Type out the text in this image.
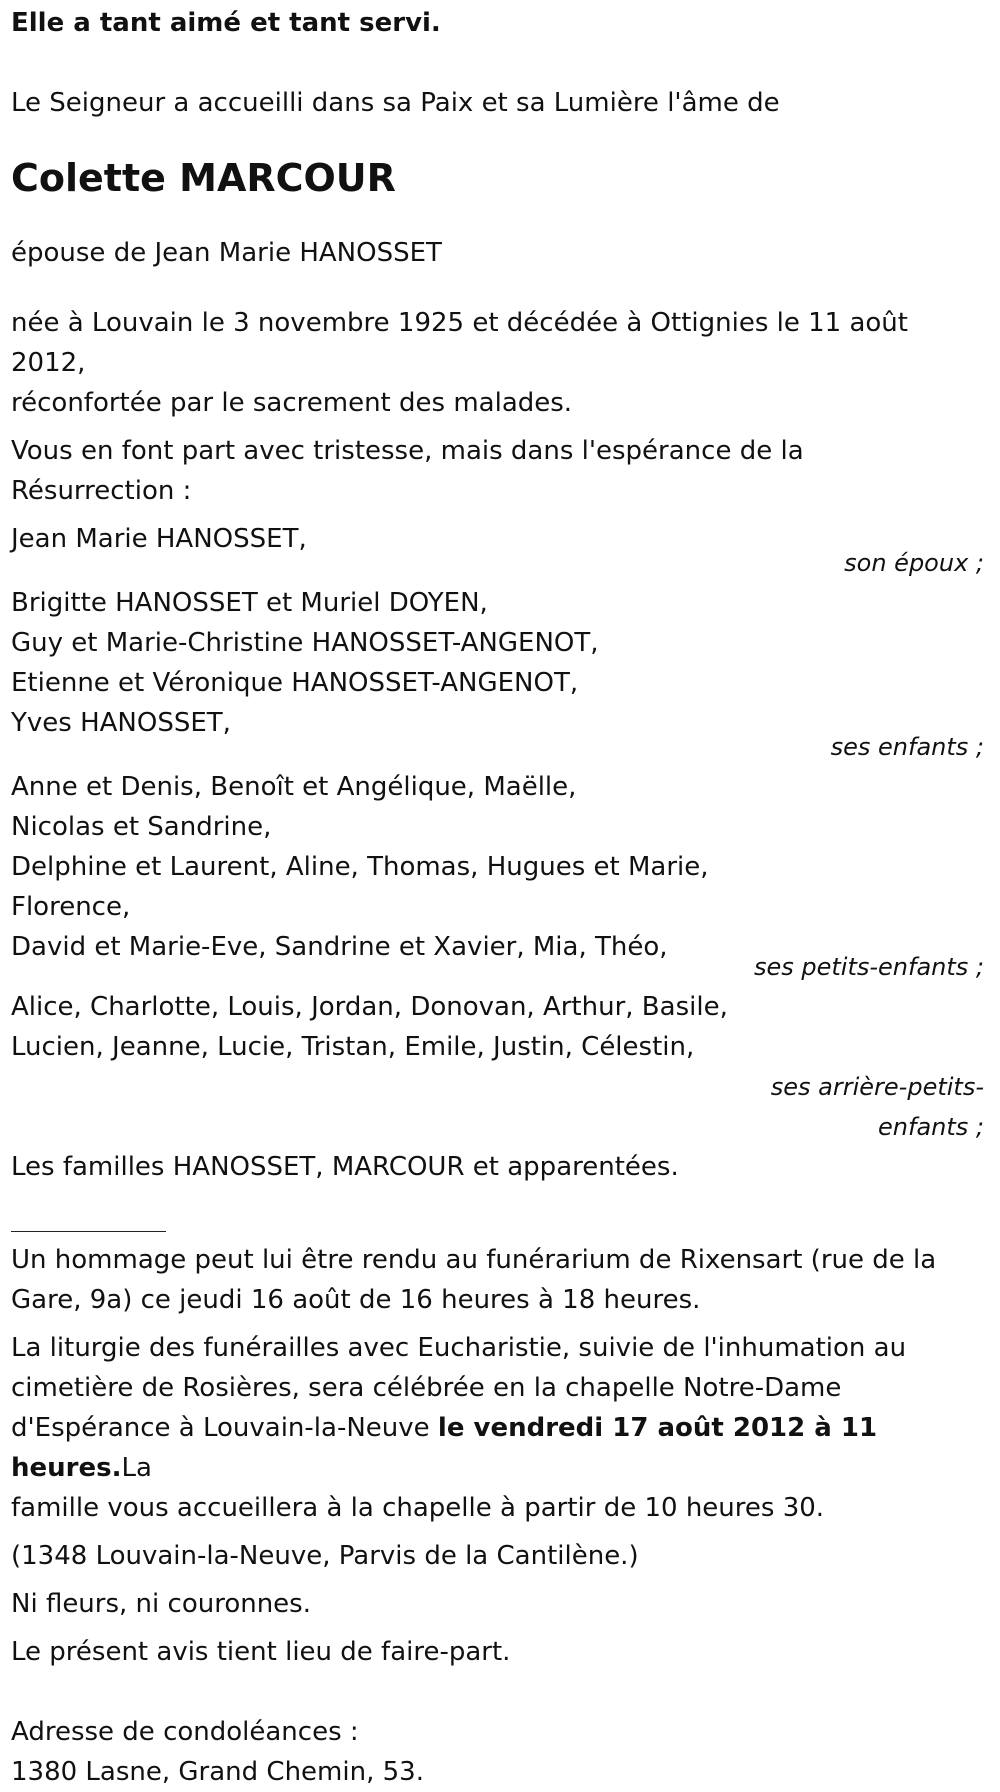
Elle a tant aimé et tant servi.

Le Seigneur a accueilli dans sa Paix et sa Lumière l'âme de

Colette MARCOUR

épouse de Jean Marie HANOSSET

née à Louvain le 3 novembre 1925 et décédée à Ottignies le 11 août 2012,

réconfortée par le sacrement des malades.

Vous en font part avec tristesse, mais dans l'espérance de la

Résurrection :

Jean Marie HANOSSET,

son époux ;

Brigitte HANOSSET et Muriel DOYEN,

Guy et Marie-Christine HANOSSET-ANGENOT,

Etienne et Véronique HANOSSET-ANGENOT,

Yves HANOSSET,

ses enfants ;

Anne et Denis, Benoît et Angélique, Maëlle,

Nicolas et Sandrine,

Delphine et Laurent, Aline, Thomas, Hugues et Marie,

Florence,

David et Marie-Eve, Sandrine et Xavier, Mia, Théo,

ses petits-enfants ;

Alice, Charlotte, Louis, Jordan, Donovan, Arthur, Basile,

Lucien, Jeanne, Lucie, Tristan, Emile, Justin, Célestin,

ses arrière-petits-
enfants ;

Les familles HANOSSET, MARCOUR et apparentées.

Un hommage peut lui être rendu au funérarium de Rixensart (rue de la

Gare, 9a) ce jeudi 16 août de 16 heures à 18 heures.

La liturgie des funérailles avec Eucharistie, suivie de l'inhumation au

cimetière de Rosières, sera célébrée en la chapelle Notre-Dame

d'Espérance à Louvain-la-Neuve le vendredi 17 août 2012 à 11 heures.La

famille vous accueillera à la chapelle à partir de 10 heures 30.

(1348 Louvain-la-Neuve, Parvis de la Cantilène.)

Ni fleurs, ni couronnes.

Le présent avis tient lieu de faire-part.

Adresse de condoléances :

1380 Lasne, Grand Chemin, 53.
